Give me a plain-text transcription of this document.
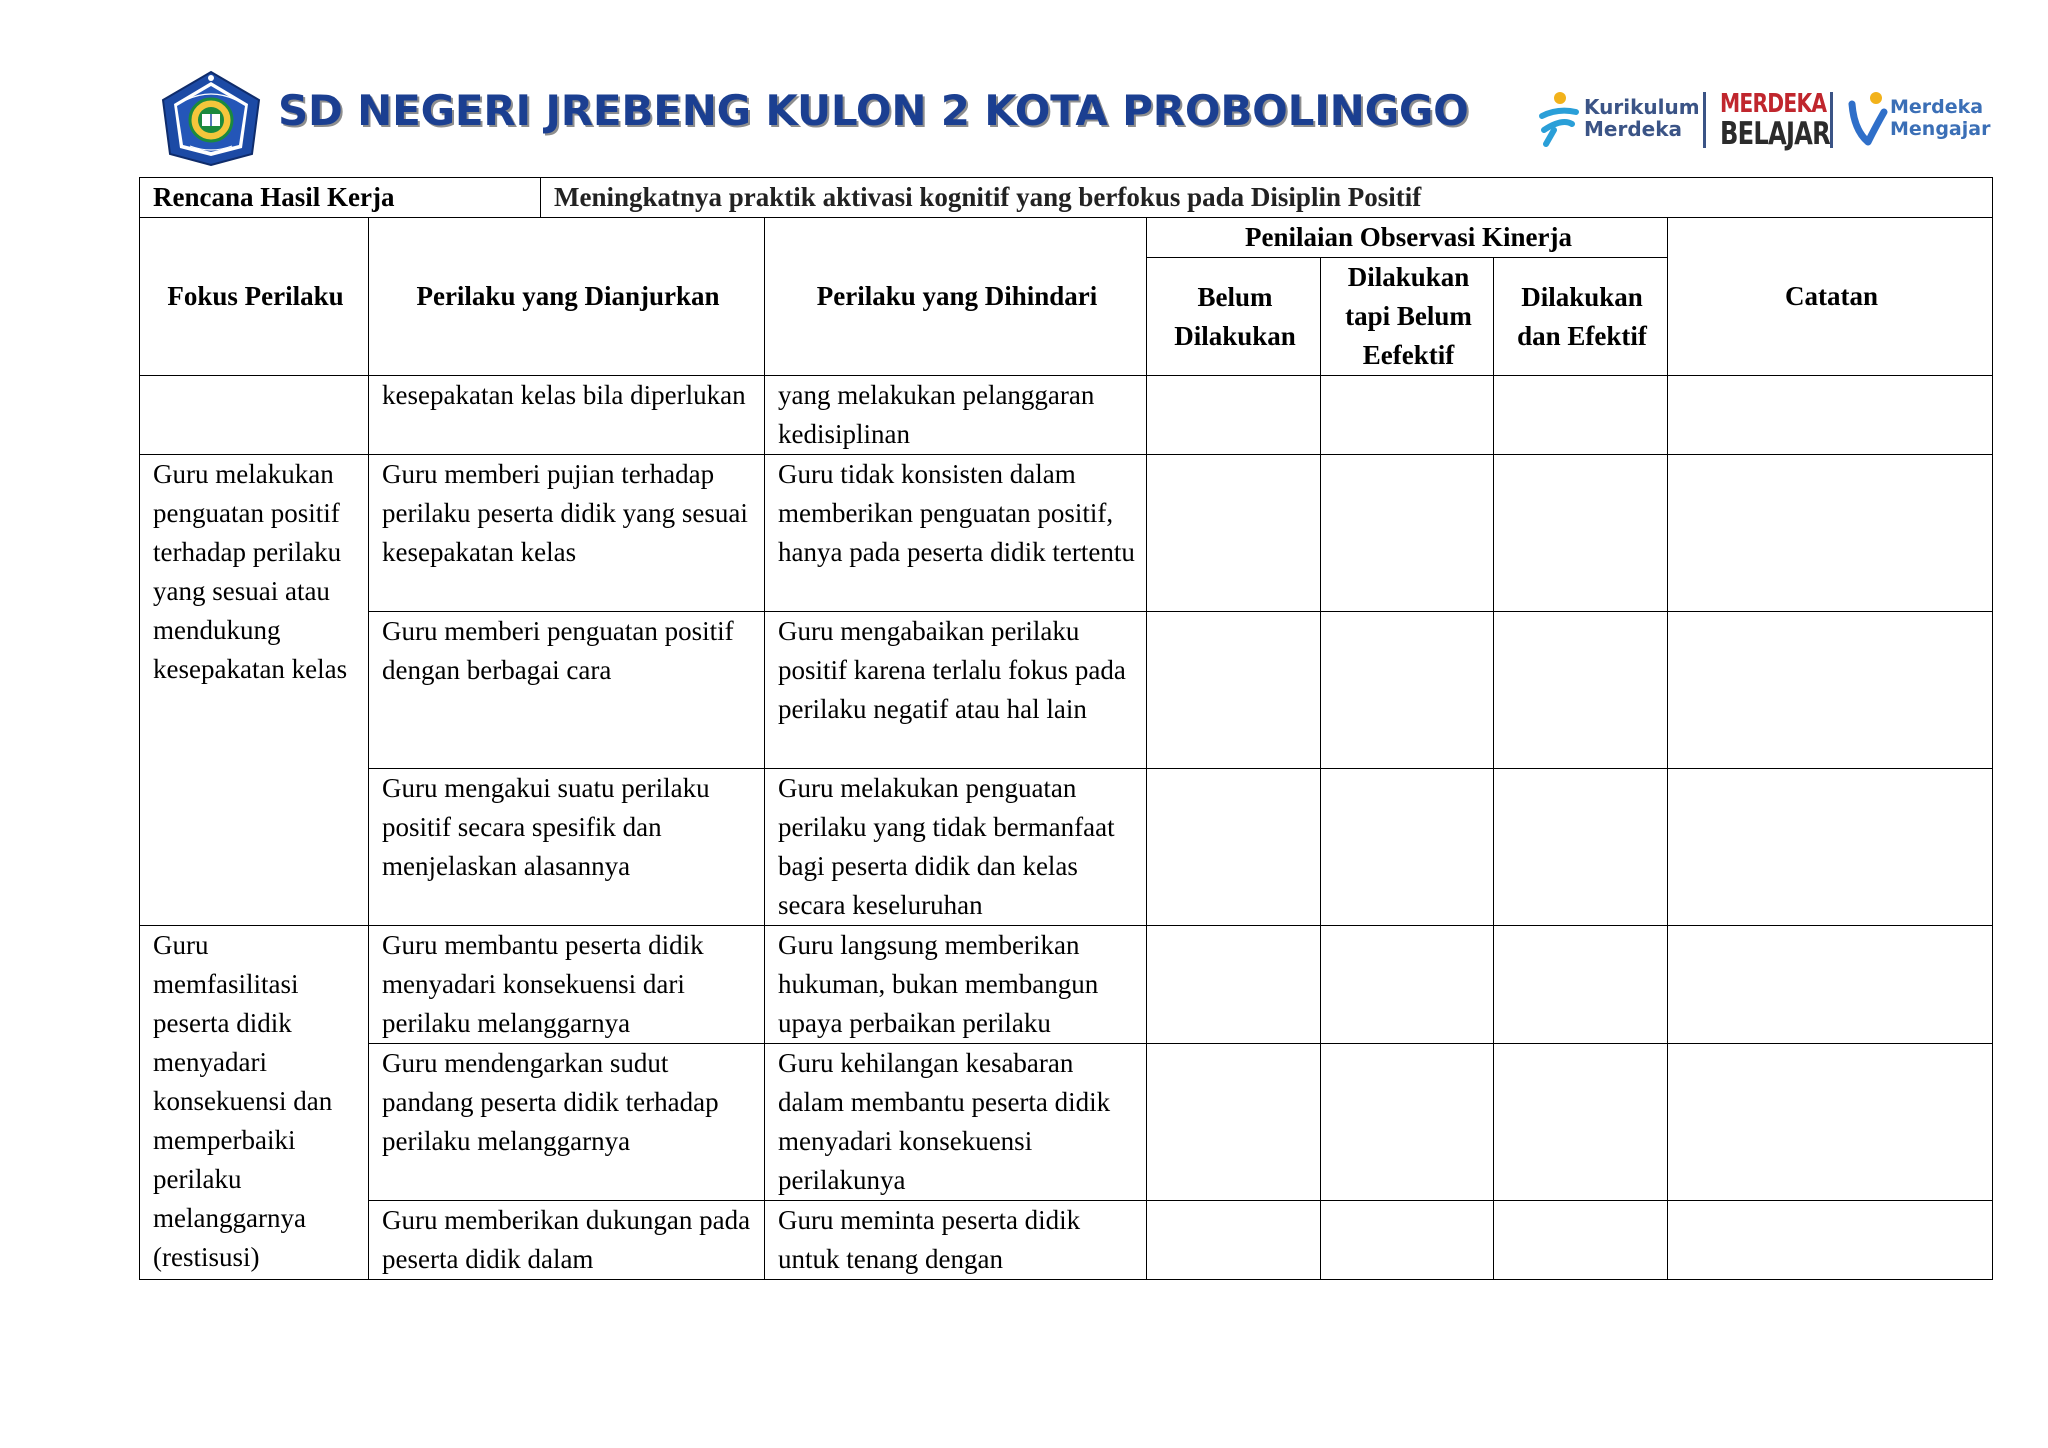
SD NEGERI JREBENG KULON 2 KOTA PROBOLINGGO	Kurikulum
Merdeka
MERDEKA
BELAJAR
Merdeka
Mengajar
Rencana Hasil Kerja		Meningkatnya praktik aktivasi kognitif yang berfokus pada Disiplin Positif					
Fokus Perilaku	Perilaku yang Dianjurkan		Perilaku yang Dihindari	Penilaian Observasi Kinerja			Catatan
				Belum Dilakukan	Dilakukan tapi Belum Eefektif	Dilakukan dan Efektif	
	kesepakatan kelas bila diperlukan		yang melakukan pelanggaran kedisiplinan				
Guru melakukan penguatan positif terhadap perilaku yang sesuai atau mendukung kesepakatan kelas	Guru memberi pujian terhadap perilaku peserta didik yang sesuai kesepakatan kelas		Guru tidak konsisten dalam memberikan penguatan positif, hanya pada peserta didik tertentu				
	Guru memberi penguatan positif dengan berbagai cara		Guru mengabaikan perilaku positif karena terlalu fokus pada perilaku negatif atau hal lain				
	Guru mengakui suatu perilaku positif secara spesifik dan menjelaskan alasannya		Guru melakukan penguatan perilaku yang tidak bermanfaat bagi peserta didik dan kelas secara keseluruhan				
Guru memfasilitasi peserta didik menyadari konsekuensi dan memperbaiki perilaku melanggarnya (restisusi)	Guru membantu peserta didik menyadari konsekuensi dari perilaku melanggarnya		Guru langsung memberikan hukuman, bukan membangun upaya perbaikan perilaku				
	Guru mendengarkan sudut pandang peserta didik terhadap perilaku melanggarnya		Guru kehilangan kesabaran dalam membantu peserta didik menyadari konsekuensi perilakunya				
	Guru memberikan dukungan pada peserta didik dalam		Guru meminta peserta didik untuk tenang dengan				
